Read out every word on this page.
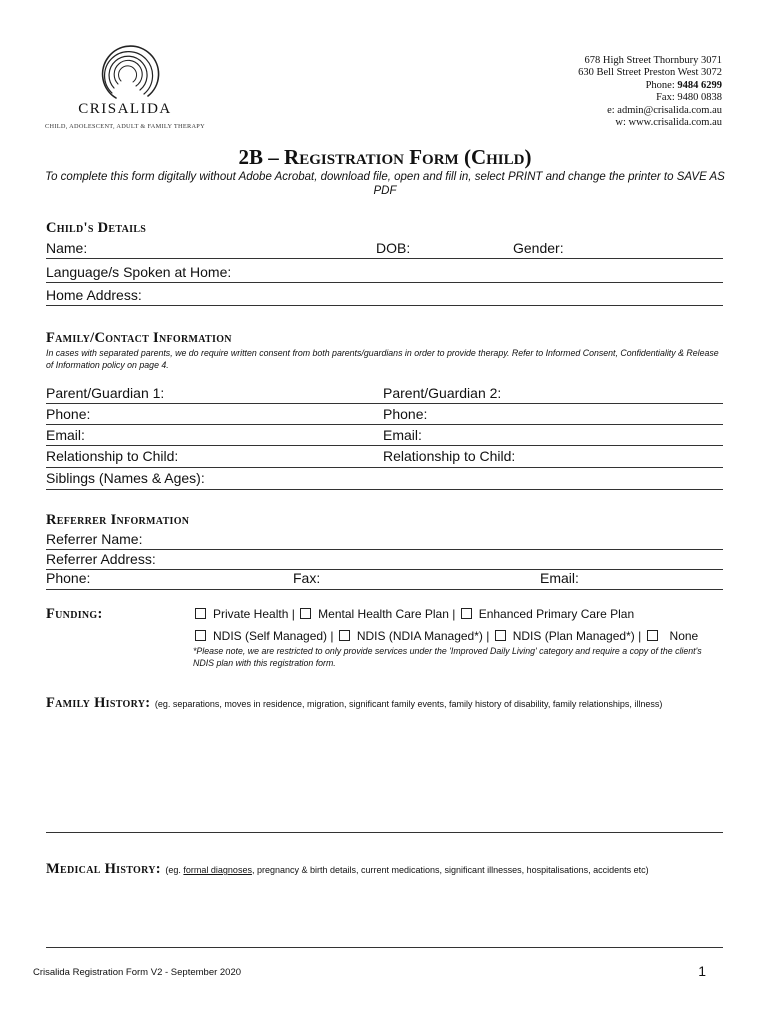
CRISALIDA
CHILD, ADOLESCENT, ADULT & FAMILY THERAPY
678 High Street Thornbury 3071
630 Bell Street Preston West 3072
Phone: 9484 6299
Fax: 9480 0838
e: admin@crisalida.com.au
w: www.crisalida.com.au
2B – Registration Form (Child)
To complete this form digitally without Adobe Acrobat, download file, open and fill in, select PRINT and change the printer to SAVE AS PDF
Child's Details
Name:	DOB:	Gender:
Language/s Spoken at Home:
Home Address:
Family/Contact Information
In cases with separated parents, we do require written consent from both parents/guardians in order to provide therapy. Refer to Informed Consent, Confidentiality & Release of Information policy on page 4.
Parent/Guardian 1:	Parent/Guardian 2:
Phone:	Phone:
Email:	Email:
Relationship to Child:	Relationship to Child:
Siblings (Names & Ages):
Referrer Information
Referrer Name:
Referrer Address:
Phone:	Fax:	Email:
Funding:	Private Health | Mental Health Care Plan | Enhanced Primary Care Plan
NDIS (Self Managed) | NDIS (NDIA Managed*) | NDIS (Plan Managed*) | None
*Please note, we are restricted to only provide services under the 'Improved Daily Living' category and require a copy of the client's NDIS plan with this registration form.
Family History: (eg. separations, moves in residence, migration, significant family events, family history of disability, family relationships, illness)
Medical History: (eg. formal diagnoses, pregnancy & birth details, current medications, significant illnesses, hospitalisations, accidents etc)
Crisalida Registration Form V2 - September 2020	1
